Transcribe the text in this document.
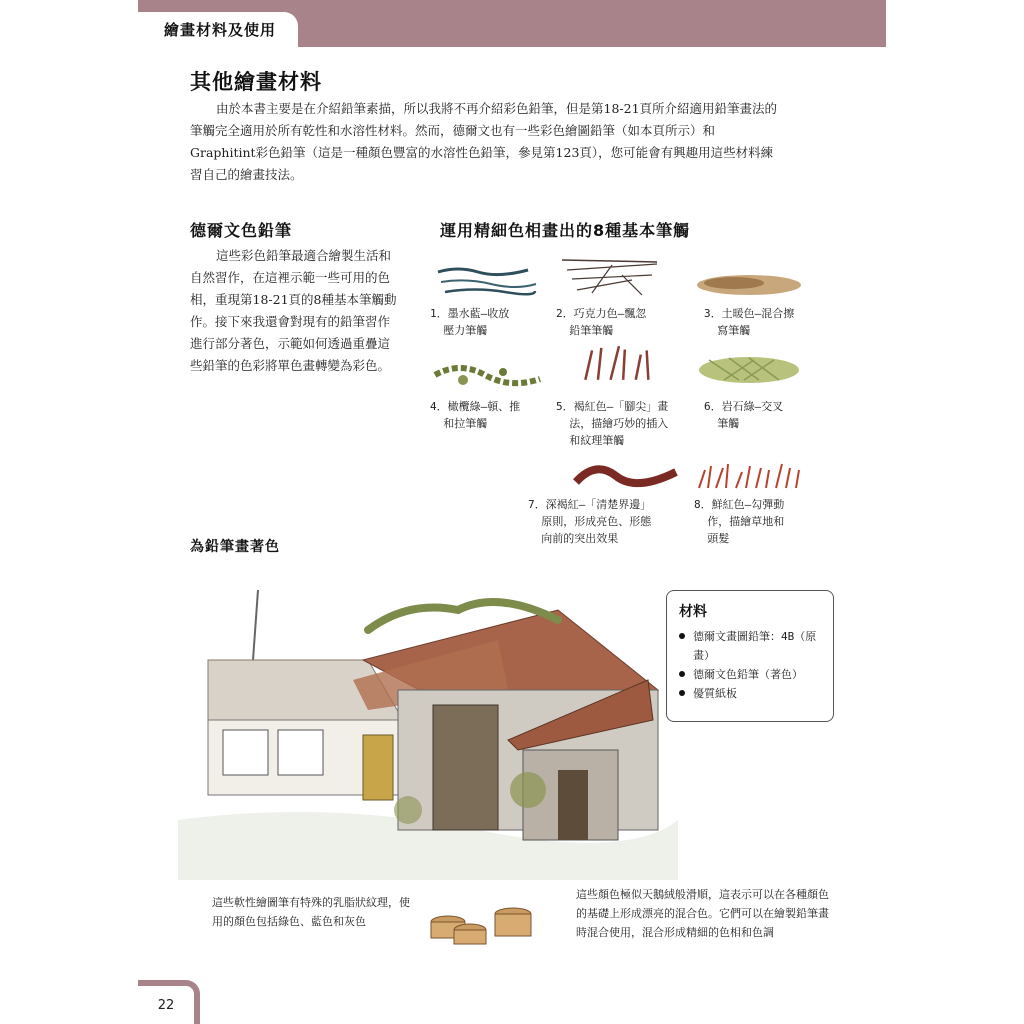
繪畫材料及使用
其他繪畫材料
由於本書主要是在介紹鉛筆素描，所以我將不再介紹彩色鉛筆，但是第18-21頁所介紹適用鉛筆畫法的筆觸完全適用於所有乾性和水溶性材料。然而，德爾文也有一些彩色繪圖鉛筆（如本頁所示）和Graphitint彩色鉛筆（這是一種顏色豐富的水溶性色鉛筆，參見第123頁），您可能會有興趣用這些材料練習自己的繪畫技法。
德爾文色鉛筆
這些彩色鉛筆最適合繪製生活和自然習作，在這裡示範一些可用的色相，重現第18-21頁的8種基本筆觸動作。接下來我還會對現有的鉛筆習作進行部分著色，示範如何透過重疊這些鉛筆的色彩將單色畫轉變為彩色。
運用精細色相畫出的8種基本筆觸
1．墨水藍—收放
壓力筆觸
2．巧克力色—飄忽
鉛筆筆觸
3．土暖色—混合擦
寫筆觸
4．橄欖綠—頓、推
和拉筆觸
5．褐紅色—「腳尖」畫
法，描繪巧妙的插入
和紋理筆觸
6．岩石綠—交叉
筆觸
7．深褐紅—「清楚界邊」
原則，形成亮色、形態
向前的突出效果
8．鮮紅色—勾彈動
作，描繪草地和
頭髮
為鉛筆畫著色
材料
德爾文畫圖鉛筆：4B（原畫）
德爾文色鉛筆（著色）
優質紙板
這些軟性繪圖筆有特殊的乳脂狀紋理，使用的顏色包括綠色、藍色和灰色
這些顏色極似天鵝絨般滑順，這表示可以在各種顏色的基礎上形成漂亮的混合色。它們可以在繪製鉛筆畫時混合使用，混合形成精細的色相和色調
22
